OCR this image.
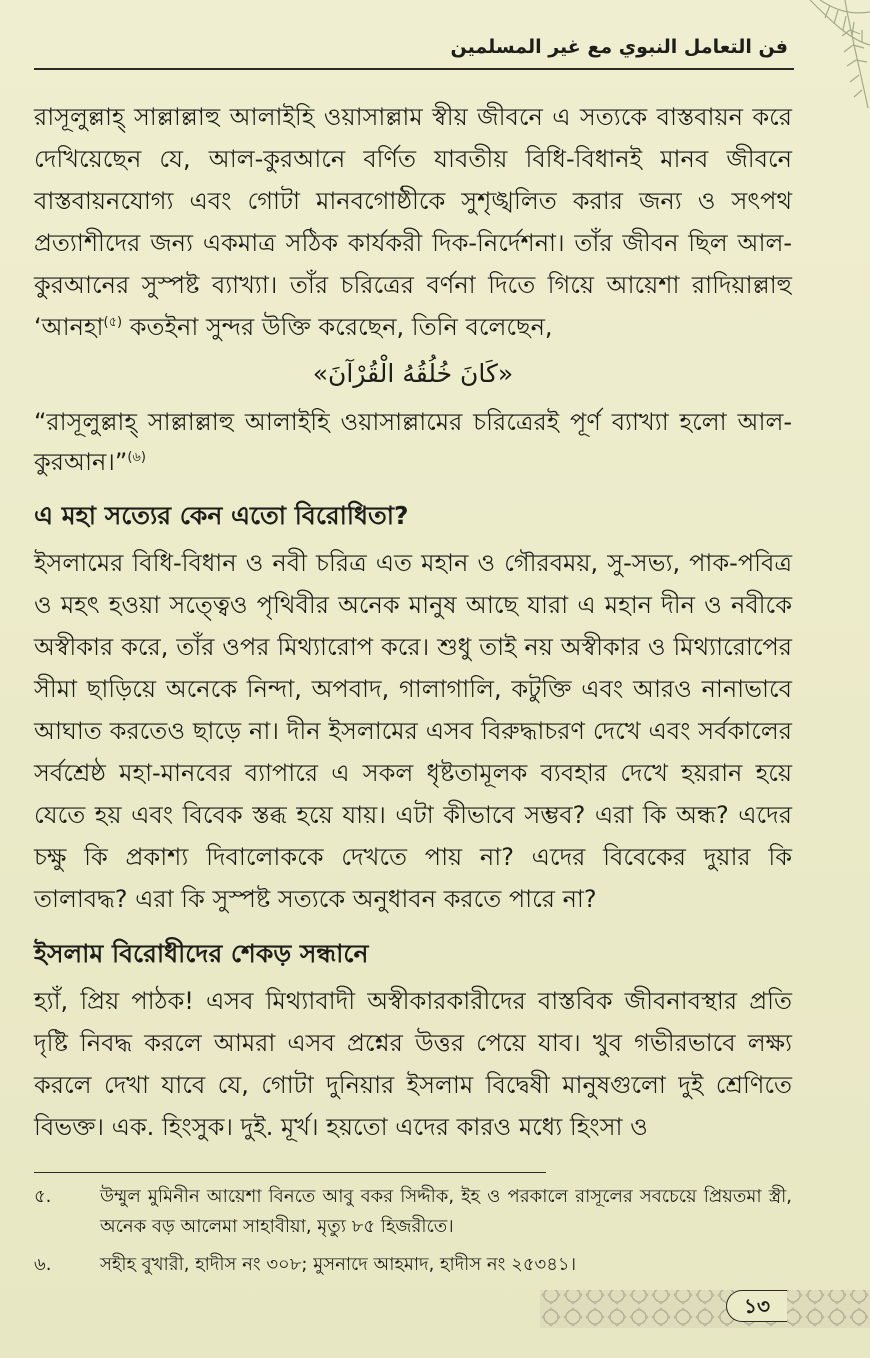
فن التعامل النبوي مع غير المسلمين

রাসূলুল্লাহ্ সাল্লাল্লাহু আলাইহি ওয়াসাল্লাম স্বীয় জীবনে এ সত্যকে বাস্তবায়ন করে দেখিয়েছেন যে, আল-কুরআনে বর্ণিত যাবতীয় বিধি-বিধানই মানব জীবনে বাস্তবায়নযোগ্য এবং গোটা মানবগোষ্ঠীকে সুশৃঙ্খলিত করার জন্য ও সৎপথ প্রত্যাশীদের জন্য একমাত্র সঠিক কার্যকরী দিক-নির্দেশনা। তাঁর জীবন ছিল আল-কুরআনের সুস্পষ্ট ব্যাখ্যা। তাঁর চরিত্রের বর্ণনা দিতে গিয়ে আয়েশা রাদিয়াল্লাহু ‘আনহা$^{(৫)}$ কতইনা সুন্দর উক্তি করেছেন, তিনি বলেছেন,

«كَانَ خُلُقُهُ الْقُرْآنَ»

“রাসূলুল্লাহ্ সাল্লাল্লাহু আলাইহি ওয়াসাল্লামের চরিত্রেরই পূর্ণ ব্যাখ্যা হলো আল-কুরআন।”$^{(৬)}$

এ মহা সত্যের কেন এতো বিরোধিতা?

ইসলামের বিধি-বিধান ও নবী চরিত্র এত মহান ও গৌরবময়, সু-সভ্য, পাক-পবিত্র ও মহৎ হওয়া সত্ত্বেও পৃথিবীর অনেক মানুষ আছে যারা এ মহান দীন ও নবীকে অস্বীকার করে, তাঁর ওপর মিথ্যারোপ করে। শুধু তাই নয় অস্বীকার ও মিথ্যারোপের সীমা ছাড়িয়ে অনেকে নিন্দা, অপবাদ, গালাগালি, কটুক্তি এবং আরও নানাভাবে আঘাত করতেও ছাড়ে না। দীন ইসলামের এসব বিরুদ্ধাচরণ দেখে এবং সর্বকালের সর্বশ্রেষ্ঠ মহা-মানবের ব্যাপারে এ সকল ধৃষ্টতামূলক ব্যবহার দেখে হয়রান হয়ে যেতে হয় এবং বিবেক স্তব্ধ হয়ে যায়। এটা কীভাবে সম্ভব? এরা কি অন্ধ? এদের চক্ষু কি প্রকাশ্য দিবালোককে দেখতে পায় না? এদের বিবেকের দুয়ার কি তালাবদ্ধ? এরা কি সুস্পষ্ট সত্যকে অনুধাবন করতে পারে না?

ইসলাম বিরোধীদের শেকড় সন্ধানে

হ্যাঁ, প্রিয় পাঠক! এসব মিথ্যাবাদী অস্বীকারকারীদের বাস্তবিক জীবনাবস্থার প্রতি দৃষ্টি নিবদ্ধ করলে আমরা এসব প্রশ্নের উত্তর পেয়ে যাব। খুব গভীরভাবে লক্ষ্য করলে দেখা যাবে যে, গোটা দুনিয়ার ইসলাম বিদ্বেষী মানুষগুলো দুই শ্রেণিতে বিভক্ত। এক. হিংসুক। দুই. মূর্খ। হয়তো এদের কারও মধ্যে হিংসা ও

৫.	উম্মুল মুমিনীন আয়েশা বিনতে আবু বকর সিদ্দীক, ইহ ও পরকালে রাসূলের সবচেয়ে প্রিয়তমা স্ত্রী, অনেক বড় আলেমা সাহাবীয়া, মৃত্যু ৮৫ হিজরীতে।
৬.	সহীহ বুখারী, হাদীস নং ৩০৮; মুসনাদে আহমাদ, হাদীস নং ২৫৩৪১।
১৩
